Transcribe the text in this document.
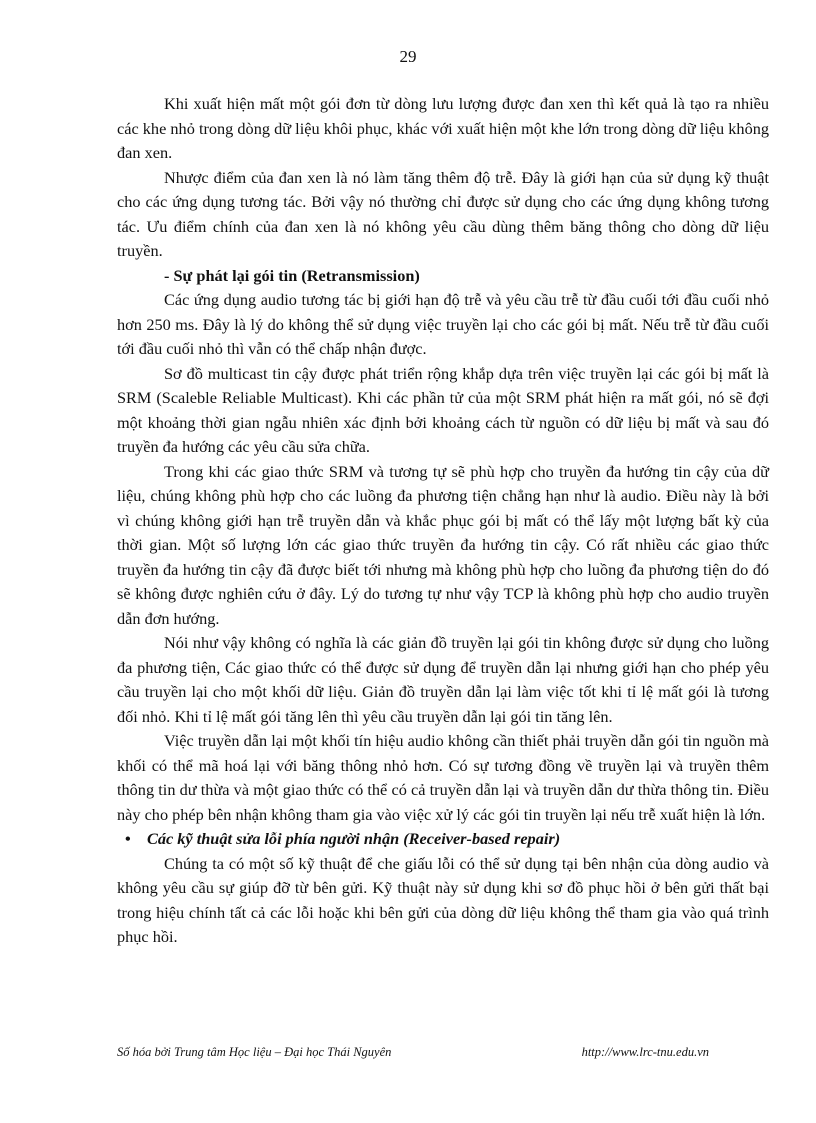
29

Khi xuất hiện mất một gói đơn từ dòng lưu lượng được đan xen thì kết quả là tạo ra nhiều các khe nhỏ trong dòng dữ liệu khôi phục, khác với xuất hiện một khe lớn trong dòng dữ liệu không đan xen.

Nhược điểm của đan xen là nó làm tăng thêm độ trễ. Đây là giới hạn của sử dụng kỹ thuật cho các ứng dụng tương tác. Bởi vậy nó thường chỉ được sử dụng cho các ứng dụng không tương tác. Ưu điểm chính của đan xen là nó không yêu cầu dùng thêm băng thông cho dòng dữ liệu truyền.

- Sự phát lại gói tin (Retransmission)

Các ứng dụng audio tương tác bị giới hạn độ trễ và yêu cầu trễ từ đầu cuối tới đầu cuối nhỏ hơn 250 ms. Đây là lý do không thể sử dụng việc truyền lại cho các gói bị mất. Nếu trễ từ đầu cuối tới đầu cuối nhỏ thì vẫn có thể chấp nhận được.

Sơ đồ multicast tin cậy được phát triển rộng khắp dựa trên việc truyền lại các gói bị mất là SRM (Scaleble Reliable Multicast). Khi các phần tử của một SRM phát hiện ra mất gói, nó sẽ đợi một khoảng thời gian ngẫu nhiên xác định bởi khoảng cách từ nguồn có dữ liệu bị mất và sau đó truyền đa hướng các yêu cầu sửa chữa.

Trong khi các giao thức SRM và tương tự sẽ phù hợp cho truyền đa hướng tin cậy của dữ liệu, chúng không phù hợp cho các luồng đa phương tiện chẳng hạn như là audio. Điều này là bởi vì chúng không giới hạn trễ truyền dẫn và khắc phục gói bị mất có thể lấy một lượng bất kỳ của thời gian. Một số lượng lớn các giao thức truyền đa hướng tin cậy. Có rất nhiều các giao thức truyền đa hướng tin cậy đã được biết tới nhưng mà không phù hợp cho luồng đa phương tiện do đó sẽ không được nghiên cứu ở đây. Lý do tương tự như vậy TCP là không phù hợp cho audio truyền dẫn đơn hướng.

Nói như vậy không có nghĩa là các giản đồ truyền lại gói tin không được sử dụng cho luồng đa phương tiện, Các giao thức có thể được sử dụng để truyền dẫn lại nhưng giới hạn cho phép yêu cầu truyền lại cho một khối dữ liệu. Giản đồ truyền dẫn lại làm việc tốt khi tỉ lệ mất gói là tương đối nhỏ. Khi tỉ lệ mất gói tăng lên thì yêu cầu truyền dẫn lại gói tin tăng lên.

Việc truyền dẫn lại một khối tín hiệu audio không cần thiết phải truyền dẫn gói tin nguồn mà khối có thể mã hoá lại với băng thông nhỏ hơn. Có sự tương đồng về truyền lại và truyền thêm thông tin dư thừa và một giao thức có thể có cả truyền dẫn lại và truyền dẫn dư thừa thông tin. Điều này cho phép bên nhận không tham gia vào việc xử lý các gói tin truyền lại nếu trễ xuất hiện là lớn.

• Các kỹ thuật sửa lỗi phía người nhận (Receiver-based repair)

Chúng ta có một số kỹ thuật để che giấu lỗi có thể sử dụng tại bên nhận của dòng audio và không yêu cầu sự giúp đỡ từ bên gửi. Kỹ thuật này sử dụng khi sơ đồ phục hồi ở bên gửi thất bại trong hiệu chính tất cả các lỗi hoặc khi bên gửi của dòng dữ liệu không thể tham gia vào quá trình phục hồi.

Số hóa bởi Trung tâm Học liệu – Đại học Thái Nguyên	http://www.lrc-tnu.edu.vn
